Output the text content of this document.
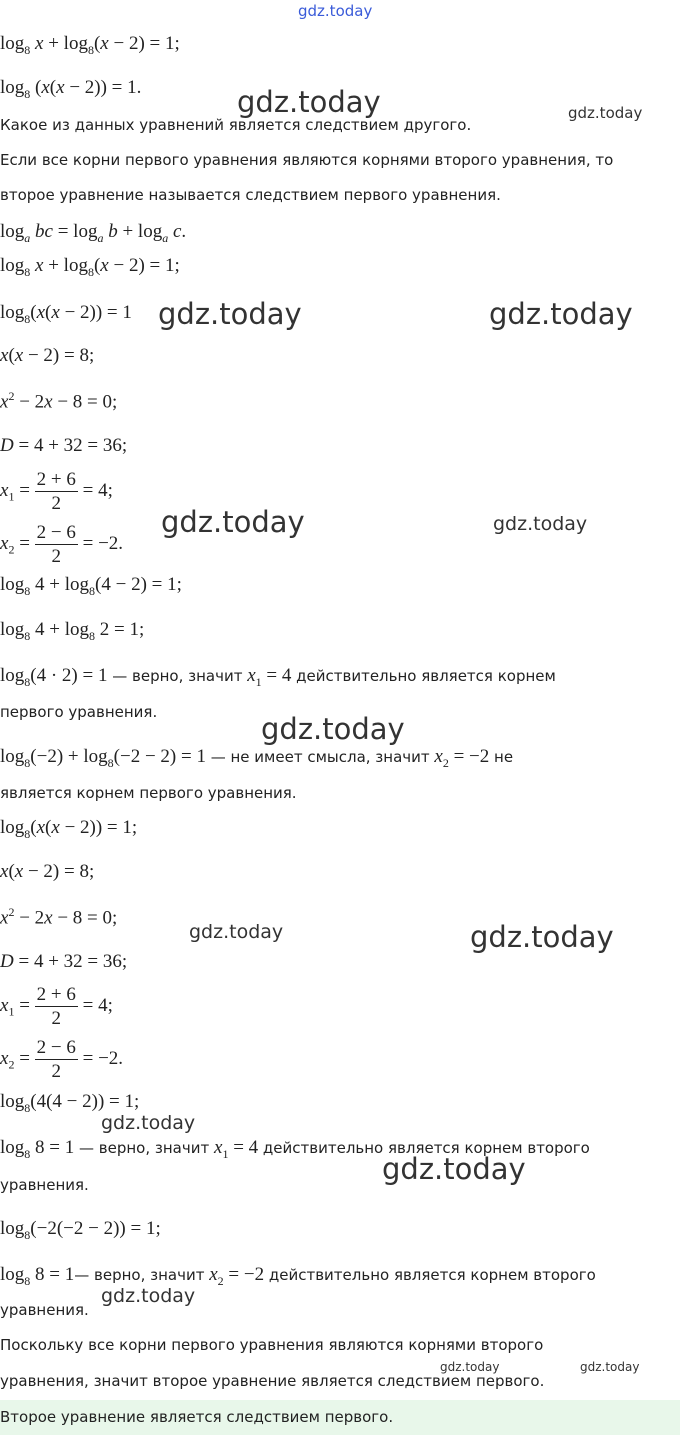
gdz.today
gdz.today	gdz.today
gdz.today	gdz.today
gdz.today	gdz.today
gdz.today
gdz.today	gdz.today
gdz.today
gdz.today
gdz.today
gdz.today	gdz.today
$\log_8 x + \log_8(x - 2) = 1$;
$\log_8 (x(x - 2)) = 1$.
Какое из данных уравнений является следствием другого.
Если все корни первого уравнения являются корнями второго уравнения, то
второе уравнение называется следствием первого уравнения.
$\log_a$ bc = $\log_a b + \log_a c$.
$\log_8 x + \log_8(x - 2) = 1$;
$\log_8(x(x - 2)) = 1$
x(x − 2) = 8;
$x^2 - 2x - 8 = 0$;
D = 4 + 32 = 36;
$x_1 = \frac{2 + 6}{2} = 4$;
$x_2 = \frac{2 - 6}{2} = -2$.
$\log_8 4 + \log_8(4 - 2) = 1$;
$\log_8 4 + \log_8 2 = 1$;
$\log_8(4 \cdot 2) = 1$ — верно, значит $x_1 = 4$ действительно является корнем
первого уравнения.
$\log_8(-2) + \log_8(-2 - 2) = 1$ — не имеет смысла, значит $x_2 = -2$ не
является корнем первого уравнения.
$\log_8(x(x - 2)) = 1$;
x(x − 2) = 8;
$x^2 - 2x - 8 = 0$;
D = 4 + 32 = 36;
$x_1 = \frac{2 + 6}{2} = 4$;
$x_2 = \frac{2 - 6}{2} = -2$.
$\log_8(4(4 - 2)) = 1$;
$\log_8 8 = 1$ — верно, значит $x_1 = 4$ действительно является корнем второго
уравнения.
$\log_8(-2(-2 - 2)) = 1$;
$\log_8 8$ = 1— верно, значит $x_2 = -2$ действительно является корнем второго
уравнения.
Поскольку все корни первого уравнения являются корнями второго
уравнения, значит второе уравнение является следствием первого.
Второе уравнение является следствием первого.
